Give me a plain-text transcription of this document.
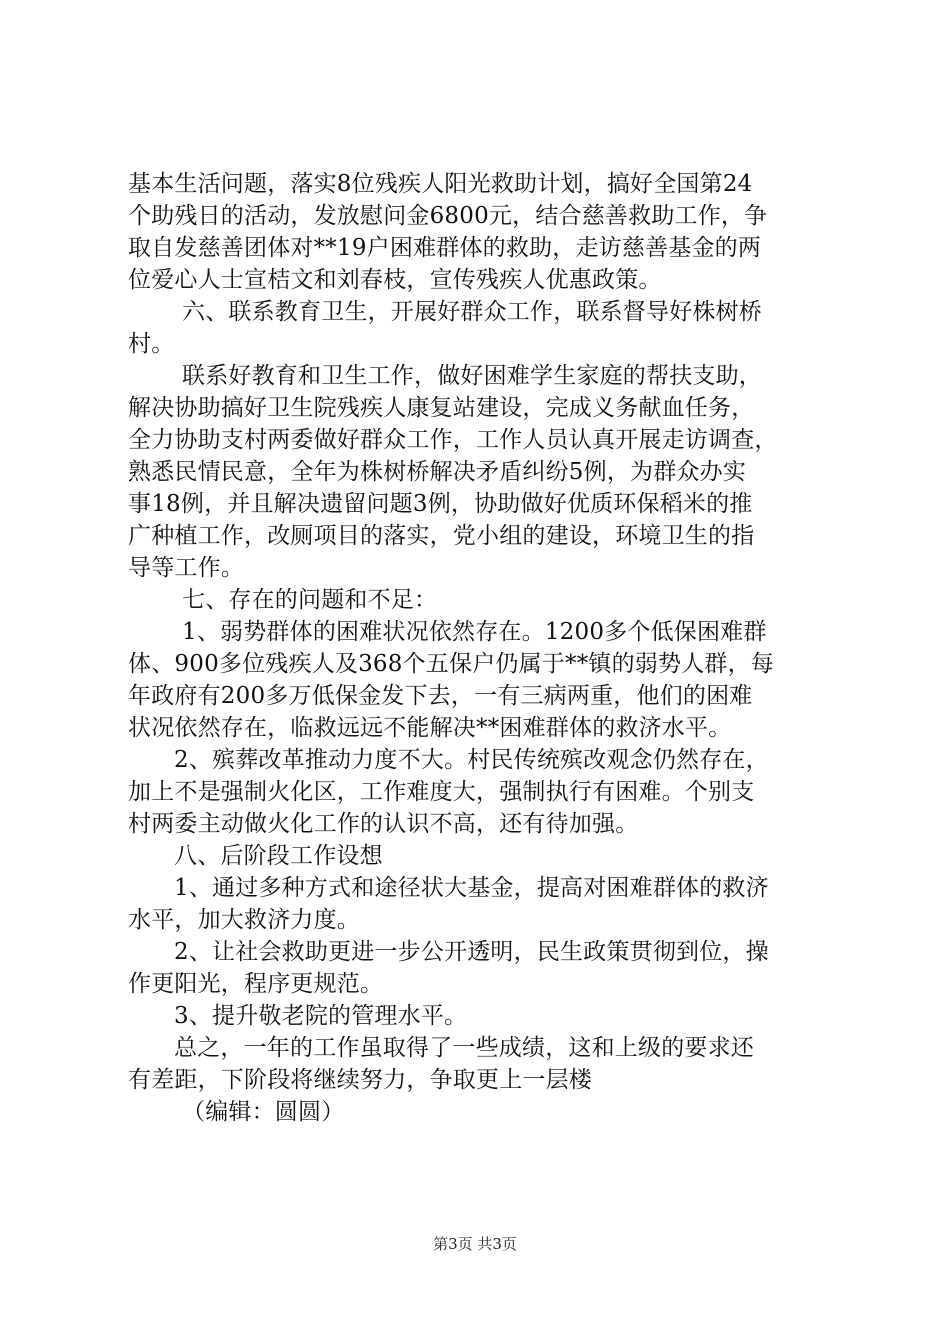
基本生活问题，落实8位残疾人阳光救助计划，搞好全国第24
个助残日的活动，发放慰问金6800元，结合慈善救助工作，争
取自发慈善团体对**19户困难群体的救助，走访慈善基金的两
位爱心人士宣桔文和刘春枝，宣传残疾人优惠政策。
六、联系教育卫生，开展好群众工作，联系督导好株树桥
村。
联系好教育和卫生工作，做好困难学生家庭的帮扶支助，
解决协助搞好卫生院残疾人康复站建设，完成义务献血任务，
全力协助支村两委做好群众工作，工作人员认真开展走访调查，
熟悉民情民意，全年为株树桥解决矛盾纠纷5例，为群众办实
事18例，并且解决遗留问题3例，协助做好优质环保稻米的推
广种植工作，改厕项目的落实，党小组的建设，环境卫生的指
导等工作。
七、存在的问题和不足：
1、弱势群体的困难状况依然存在。1200多个低保困难群
体、900多位残疾人及368个五保户仍属于**镇的弱势人群，每
年政府有200多万低保金发下去，一有三病两重，他们的困难
状况依然存在，临救远远不能解决**困难群体的救济水平。
2、殡葬改革推动力度不大。村民传统殡改观念仍然存在，
加上不是强制火化区，工作难度大，强制执行有困难。个别支
村两委主动做火化工作的认识不高，还有待加强。
八、后阶段工作设想
1、通过多种方式和途径状大基金，提高对困难群体的救济
水平，加大救济力度。
2、让社会救助更进一步公开透明，民生政策贯彻到位，操
作更阳光，程序更规范。
3、提升敬老院的管理水平。
总之，一年的工作虽取得了一些成绩，这和上级的要求还
有差距，下阶段将继续努力，争取更上一层楼
（编辑：圆圆）
第3页 共3页
